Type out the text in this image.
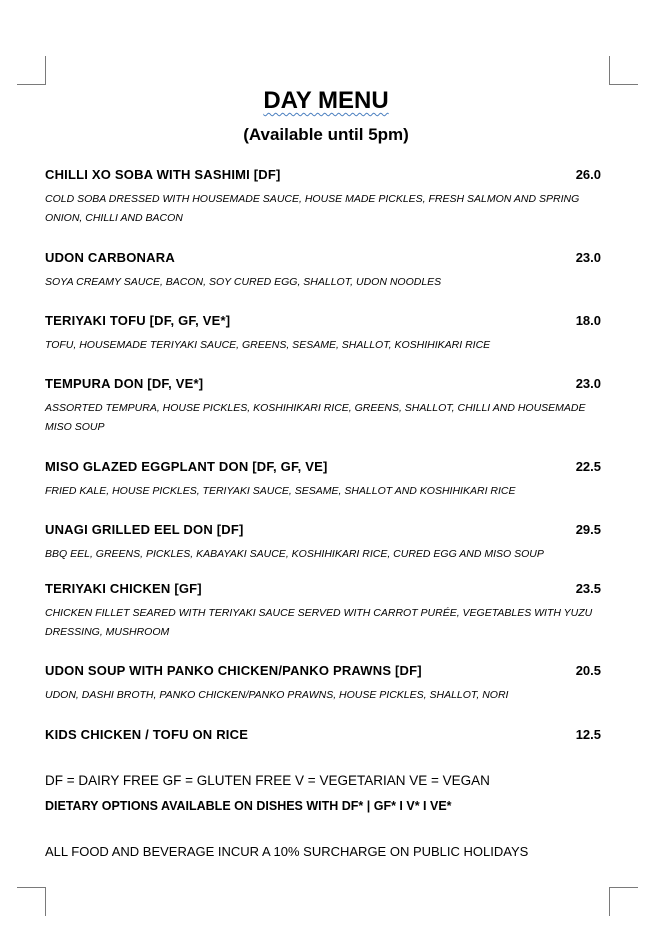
DAY MENU
(Available until 5pm)
CHILLI XO SOBA WITH SASHIMI [DF]	26.0
COLD SOBA DRESSED WITH HOUSEMADE SAUCE, HOUSE MADE PICKLES, FRESH SALMON AND SPRING ONION, CHILLI AND BACON
UDON CARBONARA	23.0
SOYA CREAMY SAUCE, BACON, SOY CURED EGG, SHALLOT, UDON NOODLES
TERIYAKI TOFU [DF, GF, VE*]	18.0
TOFU, HOUSEMADE TERIYAKI SAUCE, GREENS, SESAME, SHALLOT, KOSHIHIKARI RICE
TEMPURA DON [DF, VE*]	23.0
ASSORTED TEMPURA, HOUSE PICKLES, KOSHIHIKARI RICE, GREENS, SHALLOT, CHILLI AND HOUSEMADE MISO SOUP
MISO GLAZED EGGPLANT DON [DF, GF, VE]	22.5
FRIED KALE, HOUSE PICKLES, TERIYAKI SAUCE, SESAME, SHALLOT AND KOSHIHIKARI RICE
UNAGI GRILLED EEL DON [DF]	29.5
BBQ EEL, GREENS, PICKLES, KABAYAKI SAUCE, KOSHIHIKARI RICE, CURED EGG AND MISO SOUP
TERIYAKI CHICKEN [GF]	23.5
CHICKEN FILLET SEARED WITH TERIYAKI SAUCE SERVED WITH CARROT PURÉE, VEGETABLES WITH YUZU DRESSING, MUSHROOM
UDON SOUP WITH PANKO CHICKEN/PANKO PRAWNS [DF]	20.5
UDON, DASHI BROTH, PANKO CHICKEN/PANKO PRAWNS, HOUSE PICKLES, SHALLOT, NORI
KIDS CHICKEN / TOFU ON RICE	12.5
DF = DAIRY FREE GF = GLUTEN FREE V = VEGETARIAN VE = VEGAN
DIETARY OPTIONS AVAILABLE ON DISHES WITH DF* | GF* I V* I VE*
ALL FOOD AND BEVERAGE INCUR A 10% SURCHARGE ON PUBLIC HOLIDAYS
